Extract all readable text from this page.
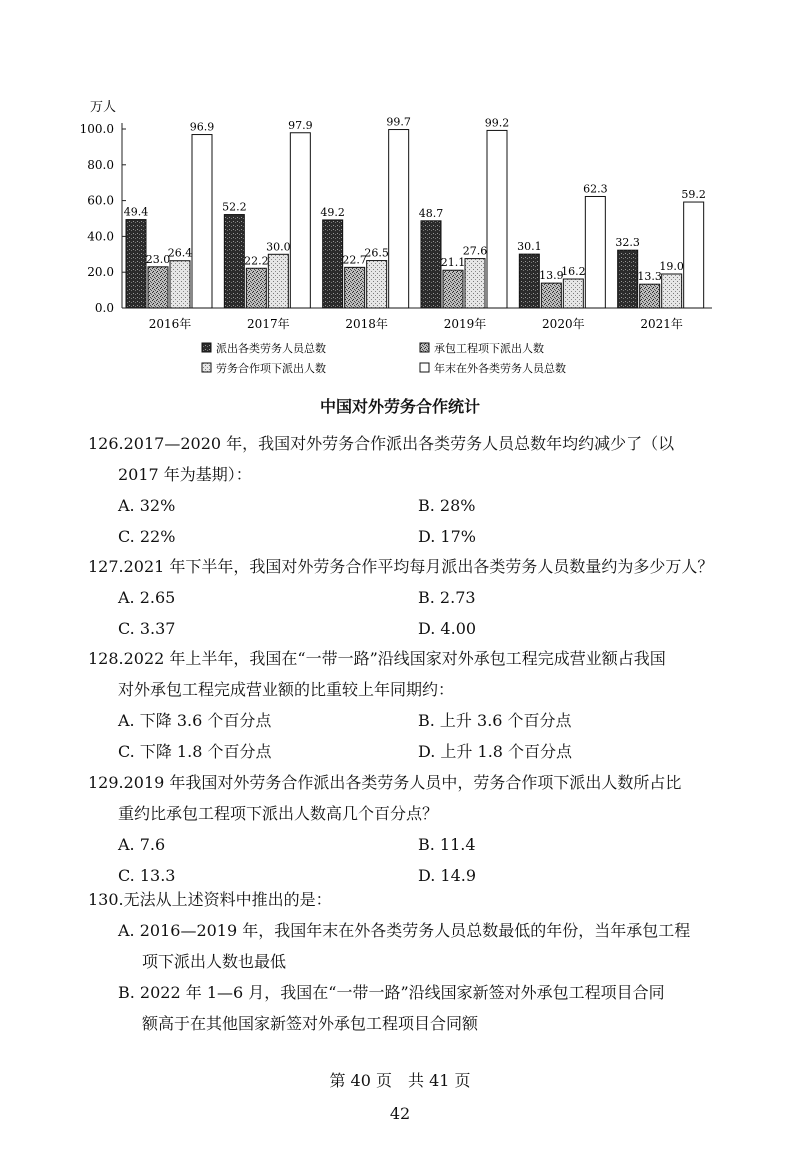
万人
0.0
20.0
40.0
60.0
80.0
100.0
49.4
23.0
26.4
96.9
52.2
22.2
30.0
97.9
49.2
22.7
26.5
99.7
48.7
21.1
27.6
99.2
30.1
13.9
16.2
62.3
32.3
13.3
19.0
59.2
2016年	2017年	2018年	2019年	2020年	2021年
派出各类劳务人员总数	承包工程项下派出人数
劳务合作项下派出人数	年末在外各类劳务人员总数
中国对外劳务合作统计

126.2017—2020 年，我国对外劳务合作派出各类劳务人员总数年均约减少了（以

2017 年为基期）：

A. 32%	B. 28%
C. 22%	D. 17%

127.2021 年下半年，我国对外劳务合作平均每月派出各类劳务人员数量约为多少万人？

A. 2.65	B. 2.73
C. 3.37	D. 4.00

128.2022 年上半年，我国在“一带一路”沿线国家对外承包工程完成营业额占我国

对外承包工程完成营业额的比重较上年同期约：

A. 下降 3.6 个百分点	B. 上升 3.6 个百分点
C. 下降 1.8 个百分点	D. 上升 1.8 个百分点

129.2019 年我国对外劳务合作派出各类劳务人员中，劳务合作项下派出人数所占比

重约比承包工程项下派出人数高几个百分点？

A. 7.6	B. 11.4
C. 13.3	D. 14.9

130.无法从上述资料中推出的是：

A. 2016—2019 年，我国年末在外各类劳务人员总数最低的年份，当年承包工程
项下派出人数也最低
B. 2022 年 1—6 月，我国在“一带一路”沿线国家新签对外承包工程项目合同
额高于在其他国家新签对外承包工程项目合同额
第 40 页　共 41 页
42
